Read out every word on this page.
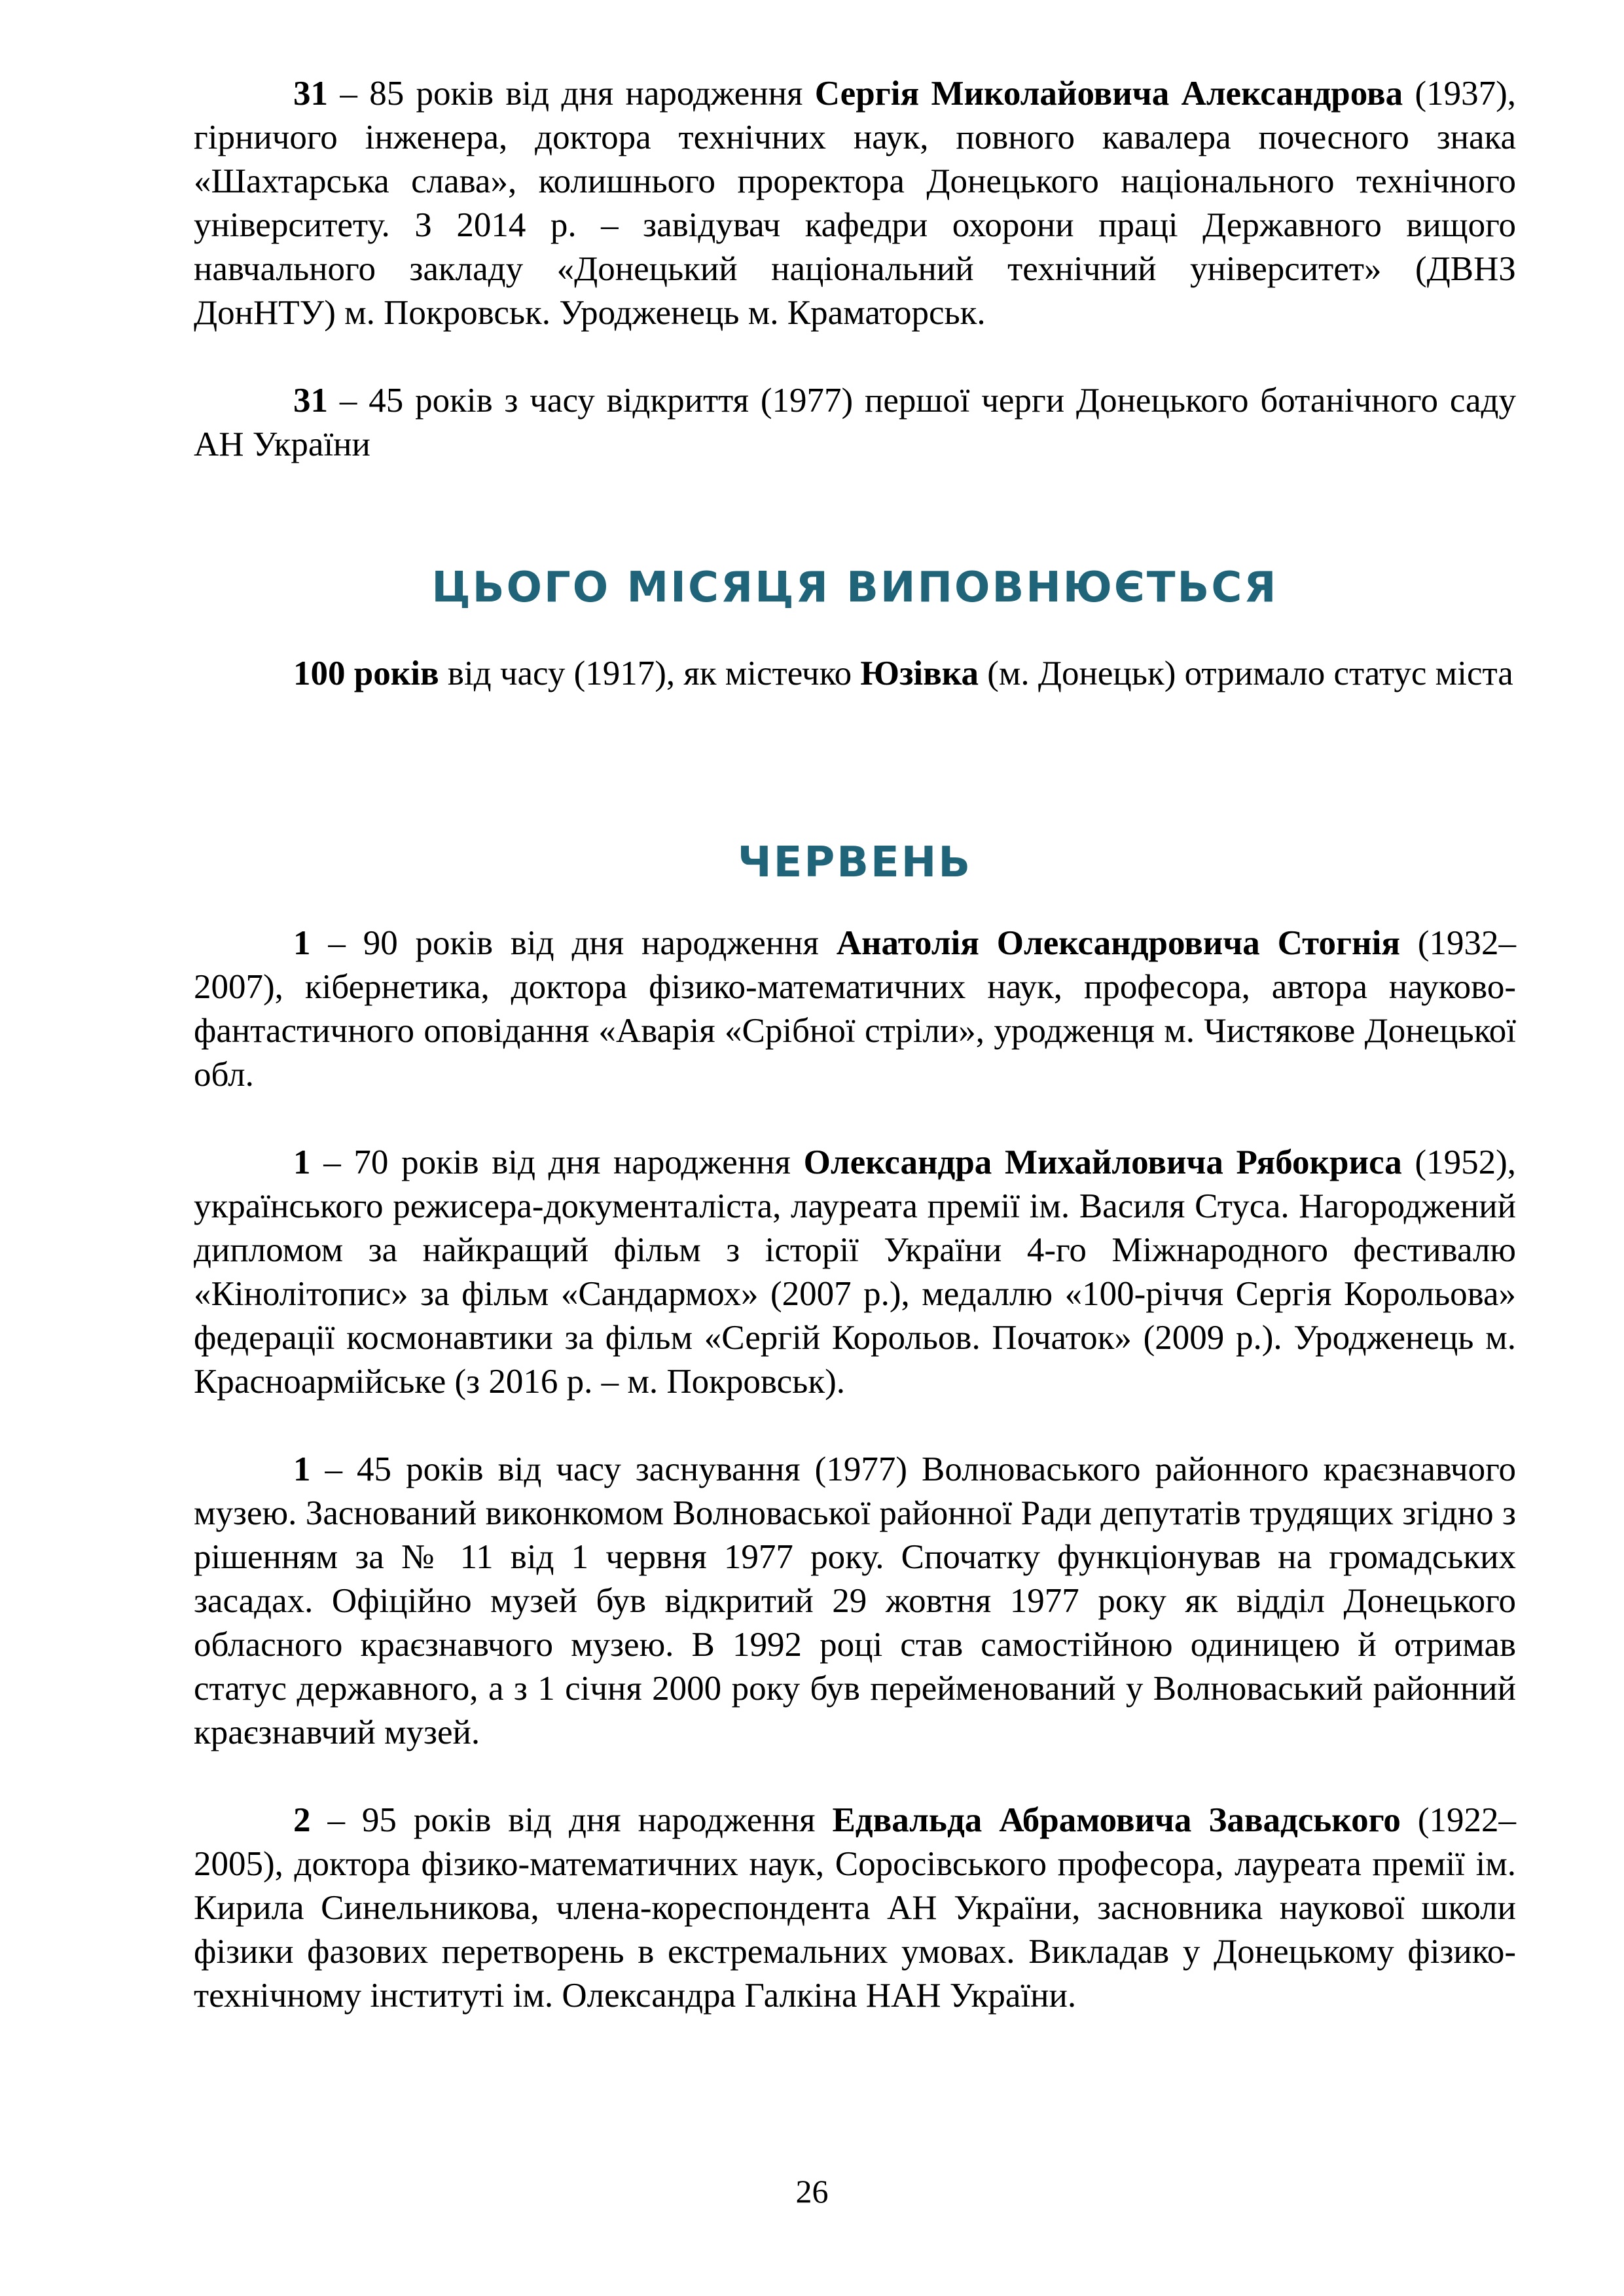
31 – 85 років від дня народження Сергія Миколайовича Александрова (1937), гірничого інженера, доктора технічних наук, повного кавалера почесного знака «Шахтарська слава», колишнього проректора Донецького національного технічного університету. З 2014 р. – завідувач кафедри охорони праці Державного вищого навчального закладу «Донецький національний технічний університет» (ДВНЗ ДонНТУ) м. Покровськ. Уродженець м. Краматорськ.

31 – 45 років з часу відкриття (1977) першої черги Донецького ботанічного саду АН України

ЦЬОГО МІСЯЦЯ ВИПОВНЮЄТЬСЯ

100 років від часу (1917), як містечко Юзівка (м. Донецьк) отримало статус міста

ЧЕРВЕНЬ

1 – 90 років від дня народження Анатолія Олександровича Стогнія (1932–2007), кібернетика, доктора фізико-математичних наук, професора, автора науково-фантастичного оповідання «Аварія «Срібної стріли», уродженця м. Чистякове Донецької обл.

1 – 70 років від дня народження Олександра Михайловича Рябокриса (1952), українського режисера-документаліста, лауреата премії ім. Василя Стуса. Нагороджений дипломом за найкращий фільм з історії України 4-го Міжнародного фестивалю «Кінолітопис» за фільм «Сандармох» (2007 р.), медаллю «100-річчя Сергія Корольова» федерації космонавтики за фільм «Сергій Корольов. Початок» (2009 р.). Уродженець м. Красноармійське (з 2016 р. – м. Покровськ).

1 – 45 років від часу заснування (1977) Волноваського районного краєзнавчого музею. Заснований виконкомом Волноваської районної Ради депутатів трудящих згідно з рішенням за № 11 від 1 червня 1977 року. Спочатку функціонував на громадських засадах. Офіційно музей був відкритий 29 жовтня 1977 року як відділ Донецького обласного краєзнавчого музею. В 1992 році став самостійною одиницею й отримав статус державного, а з 1 січня 2000 року був перейменований у Волноваський районний краєзнавчий музей.

2 – 95 років від дня народження Едвальда Абрамовича Завадського (1922–2005), доктора фізико-математичних наук, Соросівського професора, лауреата премії ім. Кирила Синельникова, члена-кореспондента АН України, засновника наукової школи фізики фазових перетворень в екстремальних умовах. Викладав у Донецькому фізико-технічному інституті ім. Олександра Галкіна НАН України.

26
